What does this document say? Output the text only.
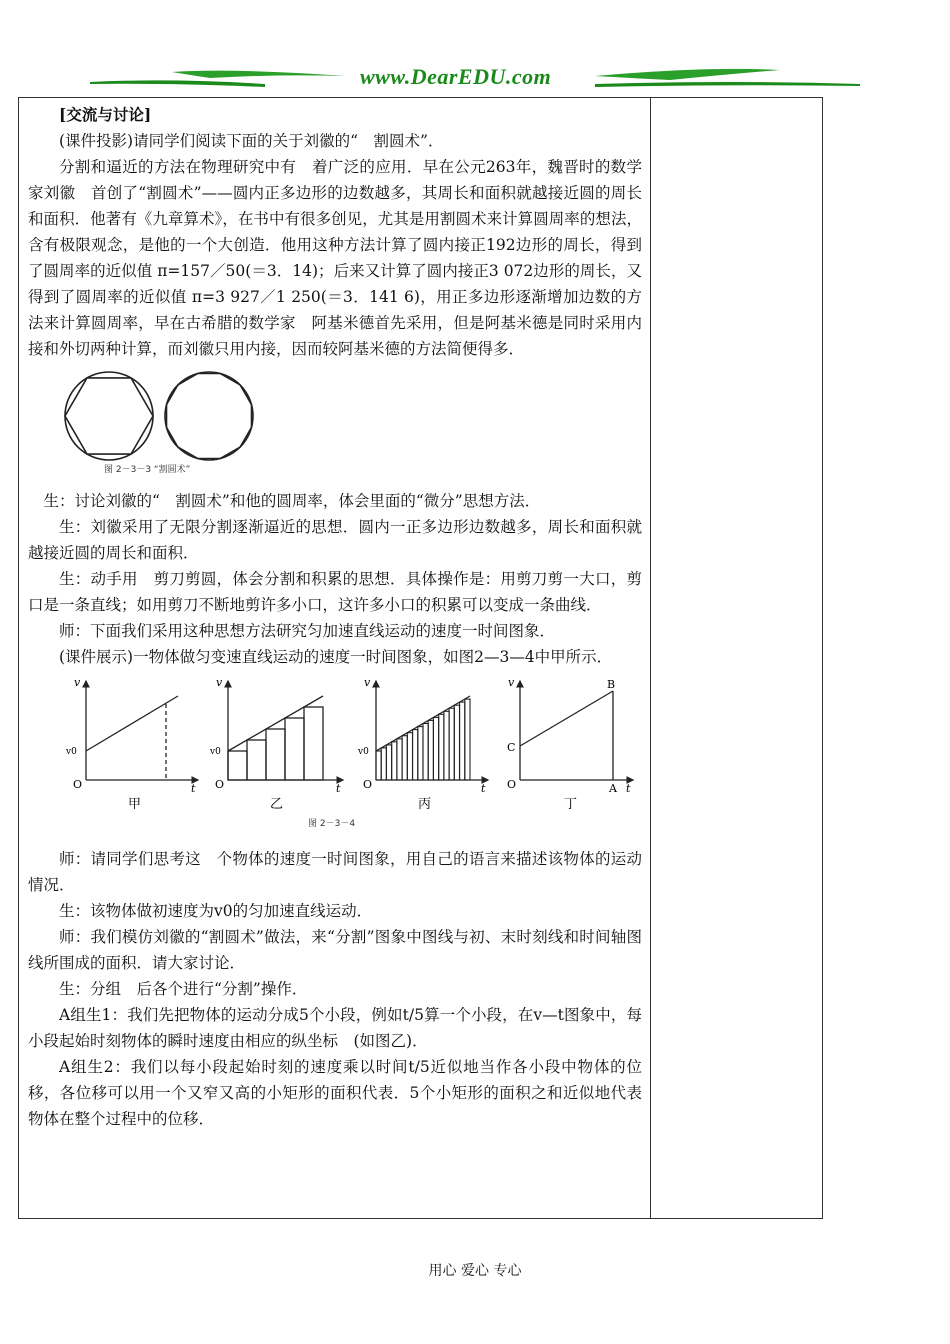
www.DearEDU.com

[交流与讨论]

(课件投影)请同学们阅读下面的关于刘徽的“　割圆术”．

分割和逼近的方法在物理研究中有　着广泛的应用．早在公元263年，魏晋时的数学家刘徽　首创了“割圆术”——圆内正多边形的边数越多，其周长和面积就越接近圆的周长和面积．他著有《九章算术》，在书中有很多创见，尤其是用割圆术来计算圆周率的想法，含有极限观念，是他的一个大创造．他用这种方法计算了圆内接正192边形的周长，得到了圆周率的近似值 π=157／50(＝3．14)；后来又计算了圆内接正3 072边形的周长，又得到了圆周率的近似值 π=3 927／1 250(＝3．141 6)，用正多边形逐渐增加边数的方法来计算圆周率，早在古希腊的数学家　阿基米德首先采用，但是阿基米德是同时采用内接和外切两种计算，而刘徽只用内接，因而较阿基米德的方法简便得多．

图 2－3－3 “割圆术”

生：讨论刘徽的“　割圆术”和他的圆周率，体会里面的“微分”思想方法．

生：刘徽采用了无限分割逐渐逼近的思想．圆内一正多边形边数越多，周长和面积就越接近圆的周长和面积．

生：动手用　剪刀剪圆，体会分割和积累的思想．具体操作是：用剪刀剪一大口，剪口是一条直线；如用剪刀不断地剪许多小口，这许多小口的积累可以变成一条曲线．

师：下面我们采用这种思想方法研究匀加速直线运动的速度一时间图象．

(课件展示)一物体做匀变速直线运动的速度一时间图象，如图2—3—4中甲所示．

O
v
t
v0
甲
O
v
t
v0
乙
O
v
t
v0
丙
O
v
t
C
B
A
丁
图 2－3－4

师：请同学们思考这　个物体的速度一时间图象，用自己的语言来描述该物体的运动情况．

生：该物体做初速度为v0的匀加速直线运动．

师：我们模仿刘徽的“割圆术”做法，来“分割”图象中图线与初、末时刻线和时间轴图线所围成的面积．请大家讨论．

生：分组　后各个进行“分割”操作．

A组生1：我们先把物体的运动分成5个小段，例如t/5算一个小段，在v—t图象中，每小段起始时刻物体的瞬时速度由相应的纵坐标　(如图乙)．

A组生2：我们以每小段起始时刻的速度乘以时间t/5近似地当作各小段中物体的位移，各位移可以用一个又窄又高的小矩形的面积代表．5个小矩形的面积之和近似地代表物体在整个过程中的位移．

用心 爱心 专心
